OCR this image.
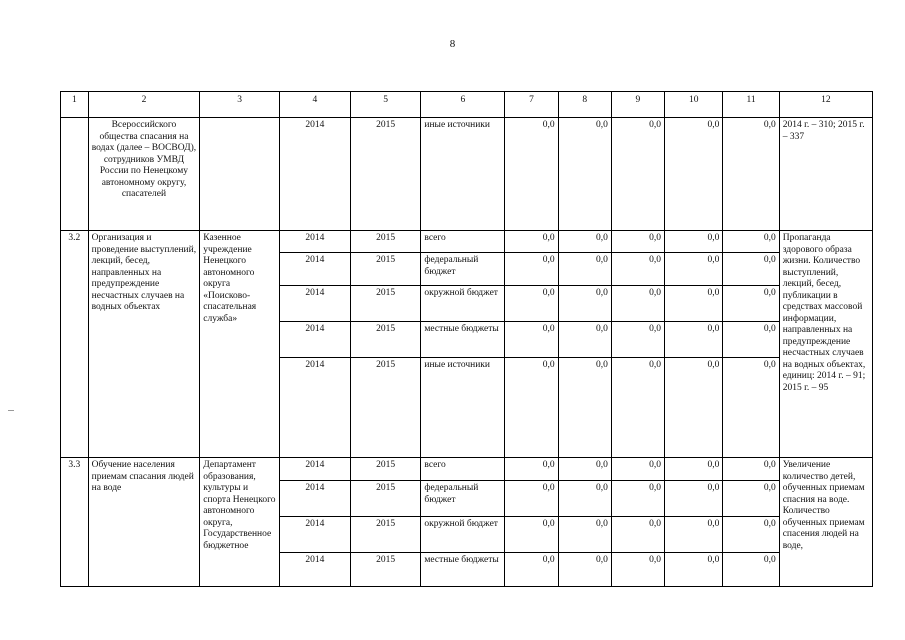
8
1	2	3	4	5	6	7	8	9	10	11	12
	Всероссийского общества спасания на водах (далее – ВОСВОД), сотрудников УМВД России по Ненецкому автономному округу, спасателей		2014	2015	иные источники	0,0	0,0	0,0	0,0	0,0	2014 г. – 310; 2015 г. – 337
3.2	Организация и проведение выступлений, лекций, бесед, направленных на предупреждение несчастных случаев на водных объектах	Казенное учреждение Ненецкого автономного округа «Поисково-спасательная служба»	2014	2015	всего	0,0	0,0	0,0	0,0	0,0	Пропаганда здорового образа жизни. Количество выступлений, лекций, бесед, публикации в средствах массовой информации, направленных на предупреждение несчастных случаев на водных объектах, единиц: 2014 г. – 91; 2015 г. – 95
			2014	2015	федеральный бюджет	0,0	0,0	0,0	0,0	0,0	
			2014	2015	окружной бюджет	0,0	0,0	0,0	0,0	0,0	
			2014	2015	местные бюджеты	0,0	0,0	0,0	0,0	0,0	
			2014	2015	иные источники	0,0	0,0	0,0	0,0	0,0	
3.3	Обучение населения приемам спасания людей на воде	Департамент образования, культуры и спорта Ненецкого автономного округа, Государственное бюджетное	2014	2015	всего	0,0	0,0	0,0	0,0	0,0	Увеличение количество детей, обученных приемам спасния на воде. Количество обученных приемам спасения людей на воде,
			2014	2015	федеральный бюджет	0,0	0,0	0,0	0,0	0,0	
			2014	2015	окружной бюджет	0,0	0,0	0,0	0,0	0,0	
			2014	2015	местные бюджеты	0,0	0,0	0,0	0,0	0,0	
